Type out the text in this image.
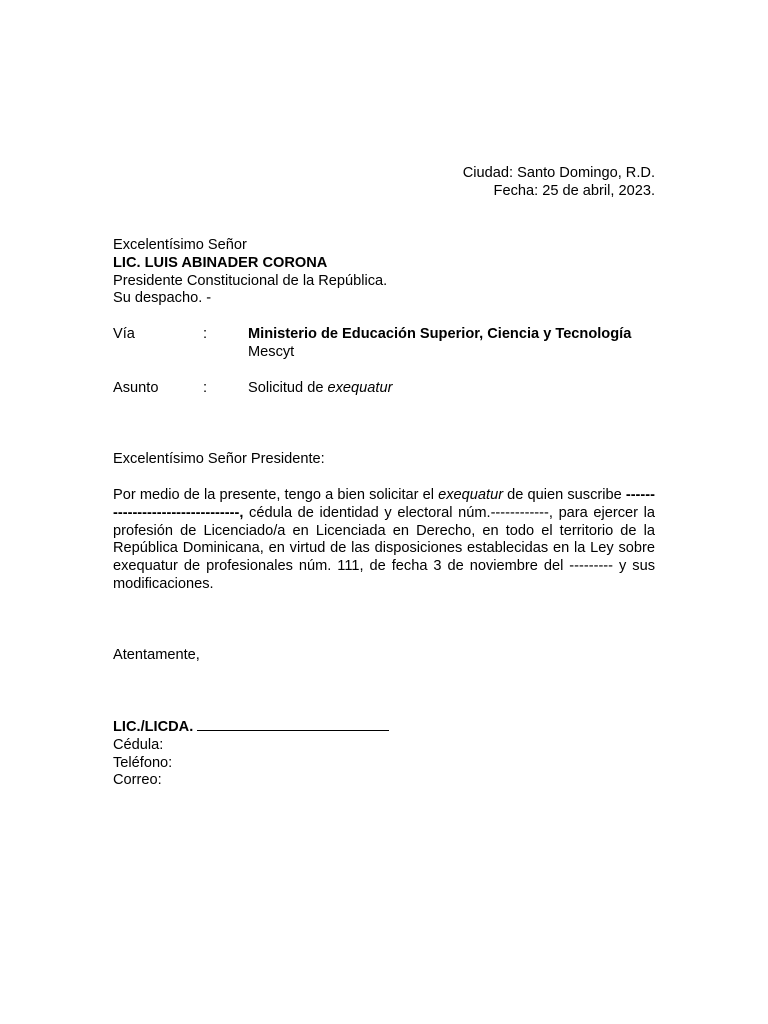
Ciudad: Santo Domingo, R.D.
Fecha: 25 de abril, 2023.
Excelentísimo Señor
LIC. LUIS ABINADER CORONA
Presidente Constitucional de la República.
Su despacho. -
Vía	:	Ministerio de Educación Superior, Ciencia y Tecnología
Mescyt
Asunto	:	Solicitud de exequatur
Excelentísimo Señor Presidente:
Por medio de la presente, tengo a bien solicitar el exequatur de quien suscribe --------------------------------, cédula de identidad y electoral núm.------------, para ejercer la profesión de Licenciado/a en Licenciada en Derecho, en todo el territorio de la República Dominicana, en virtud de las disposiciones establecidas en la Ley sobre exequatur de profesionales núm. 111, de fecha 3 de noviembre del --------- y sus modificaciones.
Atentamente,
LIC./LICDA.
Cédula:
Teléfono:
Correo:
